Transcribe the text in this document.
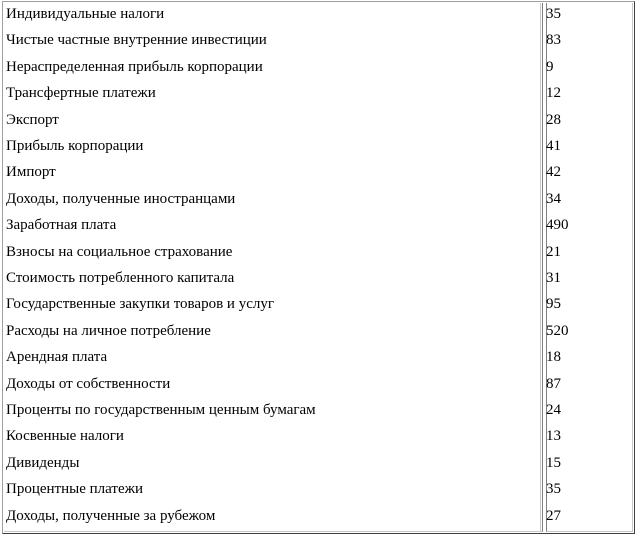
Индивидуальные налоги	35
Чистые частные внутренние инвестиции	83
Нераспределенная прибыль корпорации	9
Трансфертные платежи	12
Экспорт	28
Прибыль корпорации	41
Импорт	42
Доходы, полученные иностранцами	34
Заработная плата	490
Взносы на социальное страхование	21
Стоимость потребленного капитала	31
Государственные закупки товаров и услуг	95
Расходы на личное потребление	520
Арендная плата	18
Доходы от собственности	87
Проценты по государственным ценным бумагам	24
Косвенные налоги	13
Дивиденды	15
Процентные платежи	35
Доходы, полученные за рубежом	27
